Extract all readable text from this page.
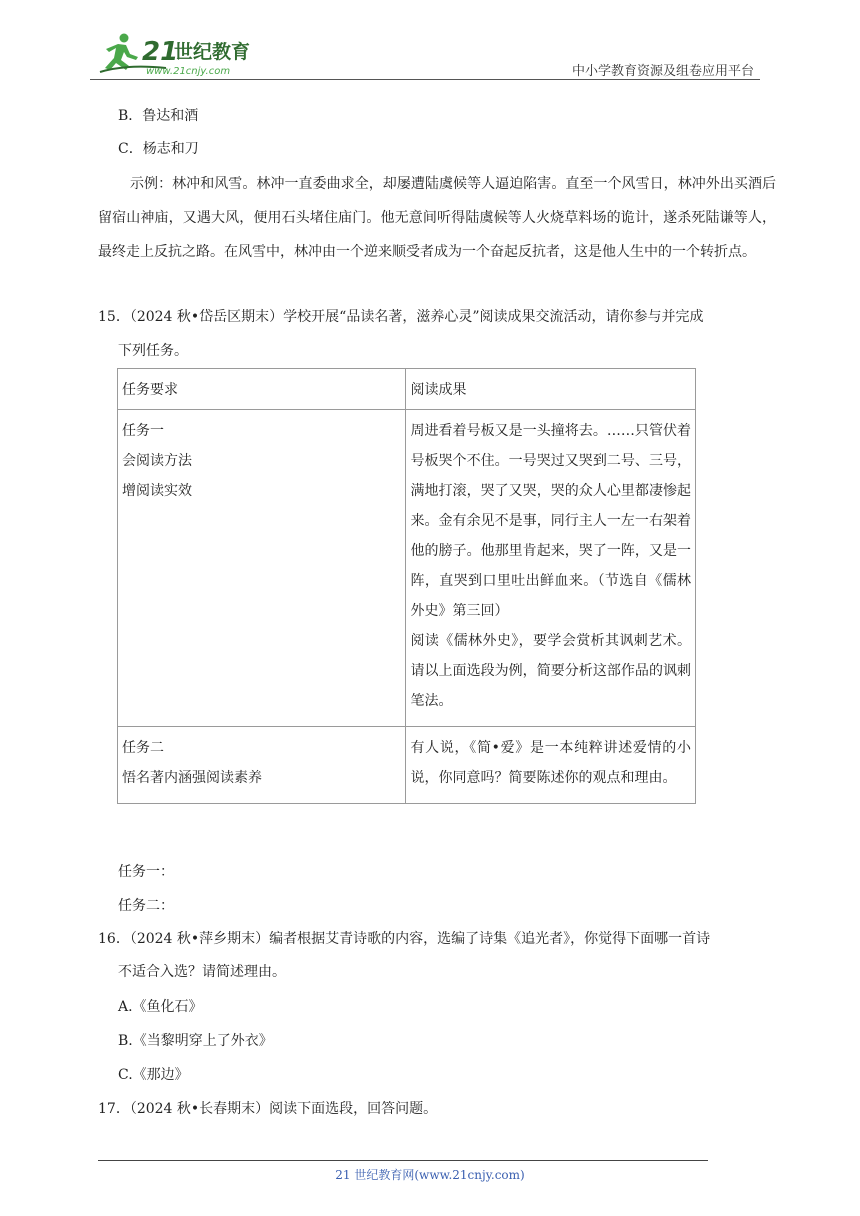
21
世纪教育
www.21cnjy.com	中小学教育资源及组卷应用平台
B．鲁达和酒
C．杨志和刀
示例：林冲和风雪。林冲一直委曲求全，却屡遭陆虞候等人逼迫陷害。直至一个风雪日，林冲外出买酒后留宿山神庙，又遇大风，便用石头堵住庙门。他无意间听得陆虞候等人火烧草料场的诡计，遂杀死陆谦等人，最终走上反抗之路。在风雪中，林冲由一个逆来顺受者成为一个奋起反抗者，这是他人生中的一个转折点。
15．（2024 秋•岱岳区期末）学校开展“品读名著，滋养心灵”阅读成果交流活动，请你参与并完成
下列任务。
任务要求	阅读成果

任务一
会阅读方法
增阅读实效	周进看着号板又是一头撞将去。……只管伏着号板哭个不住。一号哭过又哭到二号、三号，满地打滚，哭了又哭，哭的众人心里都凄惨起来。金有余见不是事，同行主人一左一右架着他的膀子。他那里肯起来，哭了一阵，又是一阵，直哭到口里吐出鲜血来。（节选自《儒林外史》第三回）
阅读《儒林外史》，要学会赏析其讽刺艺术。请以上面选段为例，简要分析这部作品的讽刺笔法。

任务二
悟名著内涵强阅读素养	有人说，《简•爱》是一本纯粹讲述爱情的小说，你同意吗？简要陈述你的观点和理由。
任务一：
任务二：
16．（2024 秋•萍乡期末）编者根据艾青诗歌的内容，选编了诗集《追光者》，你觉得下面哪一首诗
不适合入选？请简述理由。
A.《鱼化石》
B.《当黎明穿上了外衣》
C.《那边》
17．（2024 秋•长春期末）阅读下面选段，回答问题。
21 世纪教育网(www.21cnjy.com)
